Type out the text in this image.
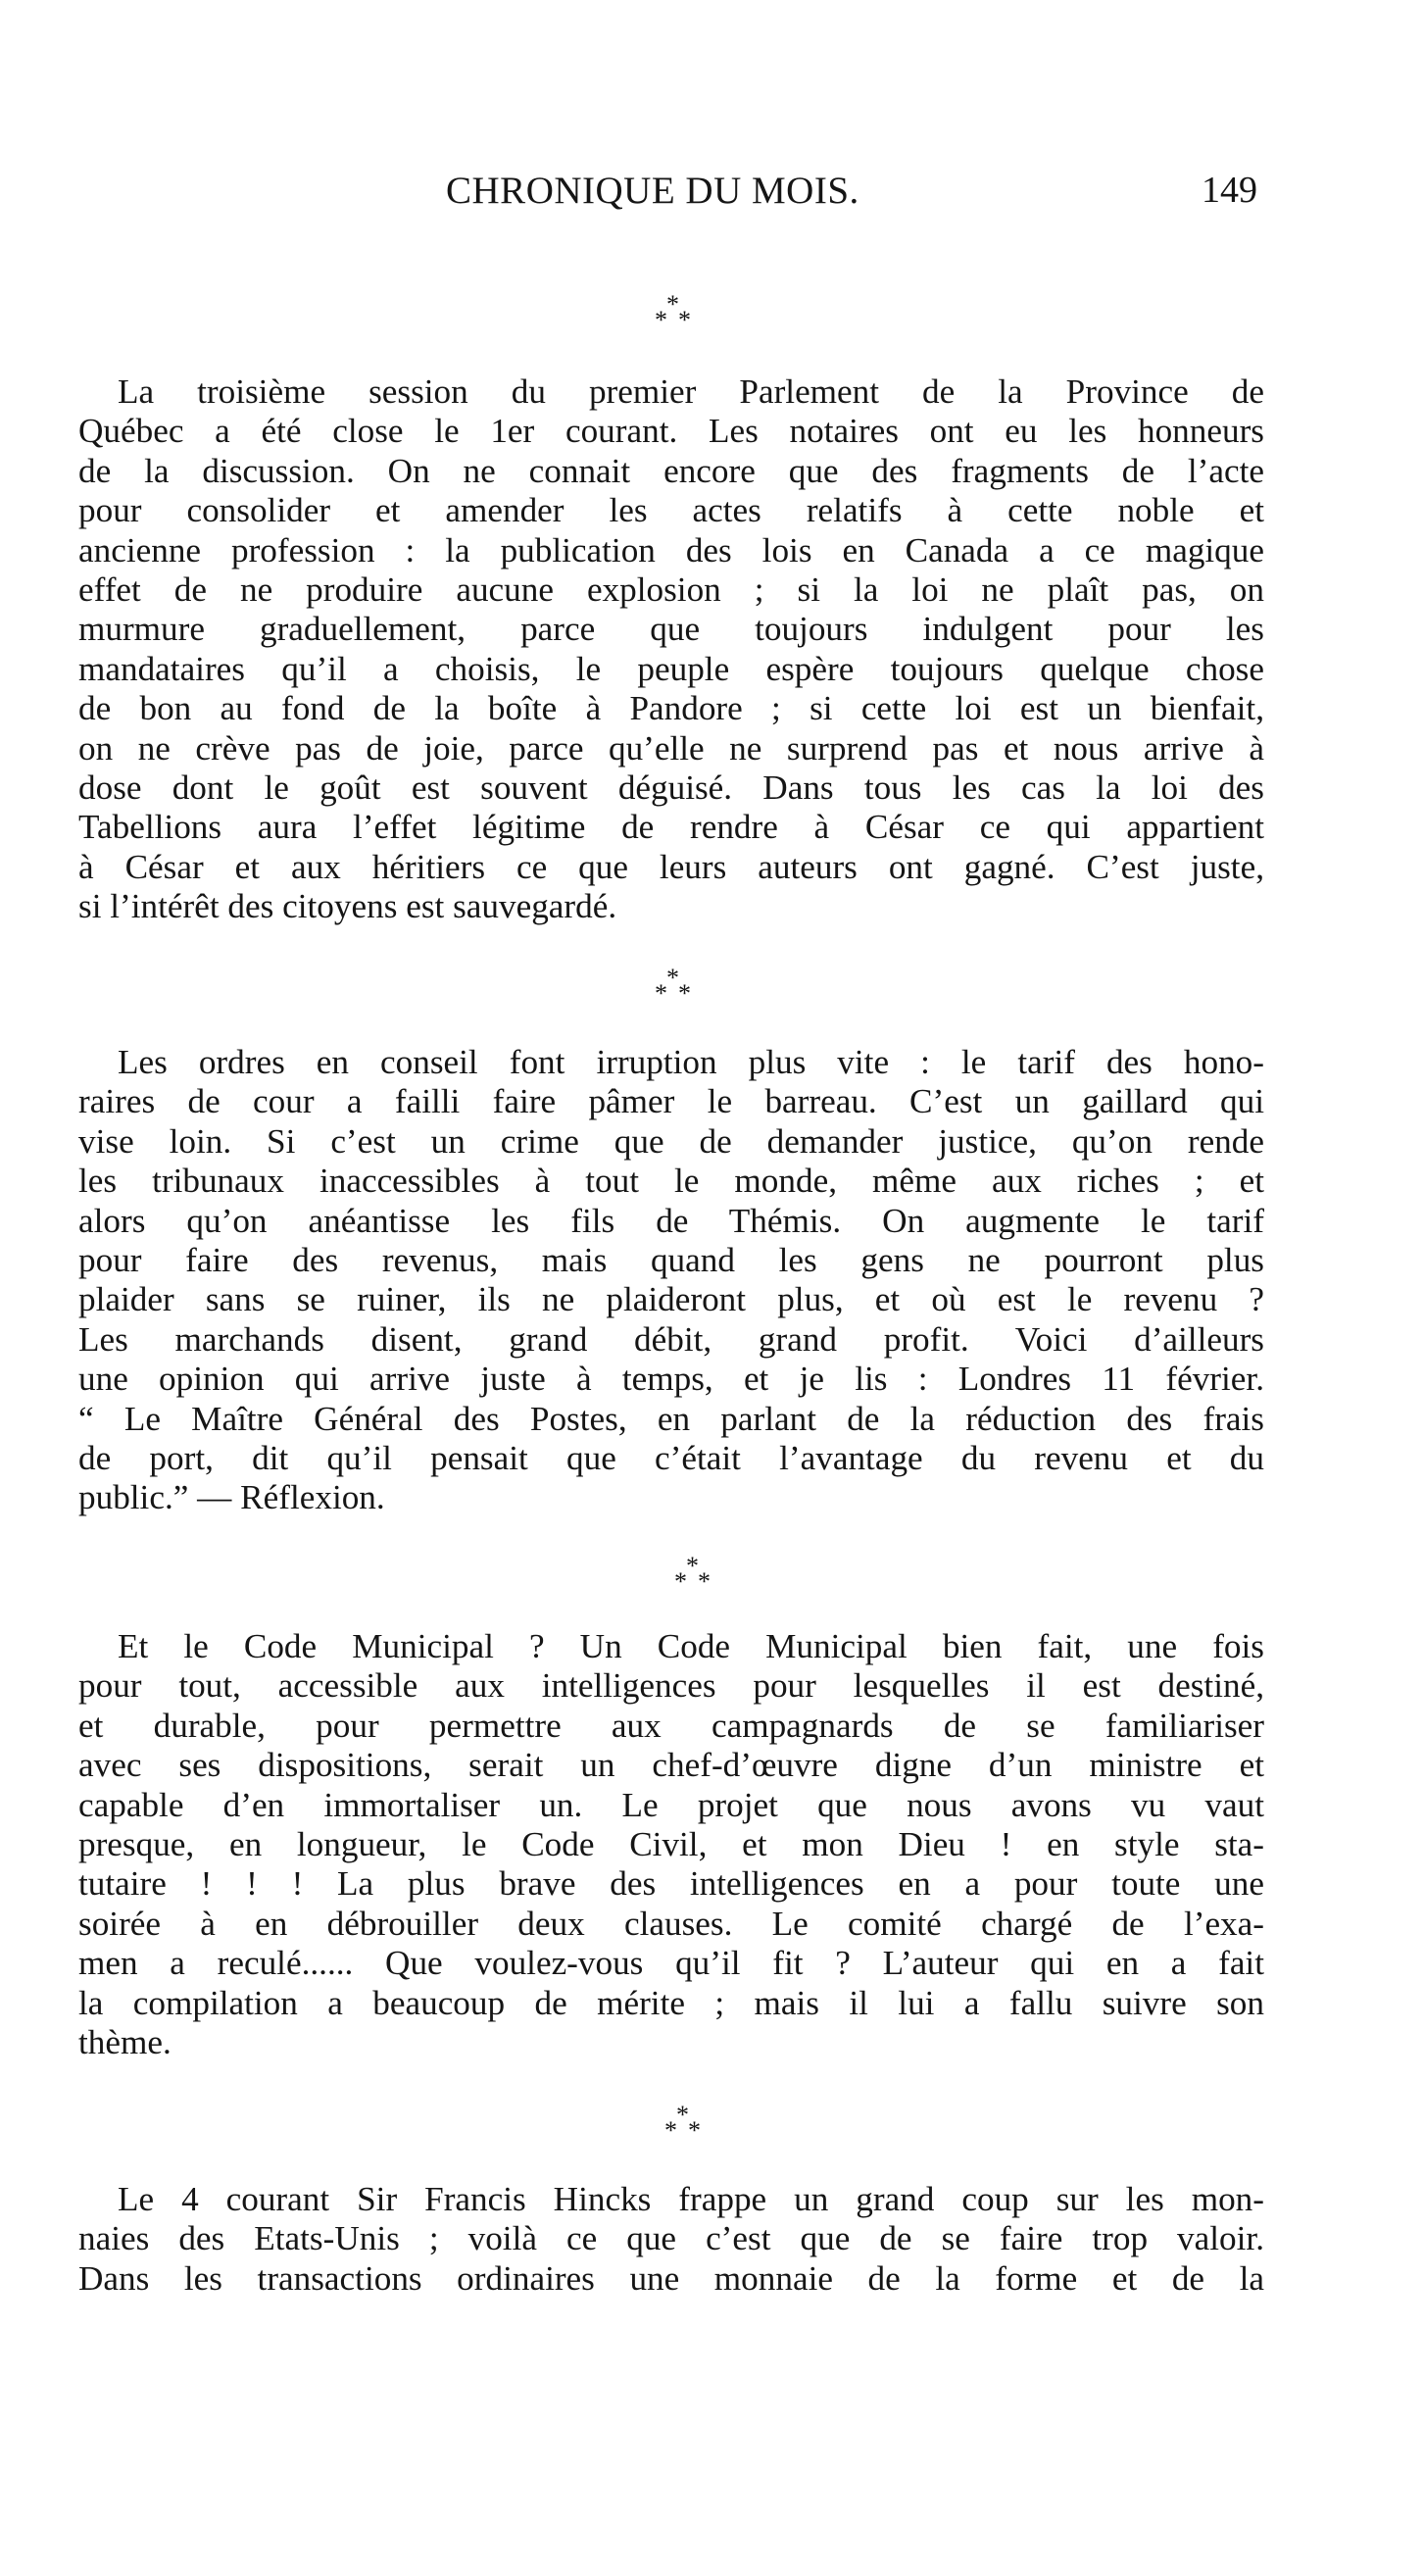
CHRONIQUE DU MOIS.	149
*
* *
La troisième session du premier Parlement de la Province de
Québec a été close le 1er courant. Les notaires ont eu les honneurs
de la discussion. On ne connait encore que des fragments de l’acte
pour consolider et amender les actes relatifs à cette noble et
ancienne profession : la publication des lois en Canada a ce magique
effet de ne produire aucune explosion ; si la loi ne plaît pas, on
murmure graduellement, parce que toujours indulgent pour les
mandataires qu’il a choisis, le peuple espère toujours quelque chose
de bon au fond de la boîte à Pandore ; si cette loi est un bienfait,
on ne crève pas de joie, parce qu’elle ne surprend pas et nous arrive à
dose dont le goût est souvent déguisé. Dans tous les cas la loi des
Tabellions aura l’effet légitime de rendre à César ce qui appartient
à César et aux héritiers ce que leurs auteurs ont gagné. C’est juste,
si l’intérêt des citoyens est sauvegardé.
*
* *
Les ordres en conseil font irruption plus vite : le tarif des hono-
raires de cour a failli faire pâmer le barreau. C’est un gaillard qui
vise loin. Si c’est un crime que de demander justice, qu’on rende
les tribunaux inaccessibles à tout le monde, même aux riches ; et
alors qu’on anéantisse les fils de Thémis. On augmente le tarif
pour faire des revenus, mais quand les gens ne pourront plus
plaider sans se ruiner, ils ne plaideront plus, et où est le revenu ?
Les marchands disent, grand débit, grand profit. Voici d’ailleurs
une opinion qui arrive juste à temps, et je lis : Londres 11 février.
“ Le Maître Général des Postes, en parlant de la réduction des frais
de port, dit qu’il pensait que c’était l’avantage du revenu et du
public.” — Réflexion.
*
* *
Et le Code Municipal ? Un Code Municipal bien fait, une fois
pour tout, accessible aux intelligences pour lesquelles il est destiné,
et durable, pour permettre aux campagnards de se familiariser
avec ses dispositions, serait un chef-d’œuvre digne d’un ministre et
capable d’en immortaliser un. Le projet que nous avons vu vaut
presque, en longueur, le Code Civil, et mon Dieu ! en style sta-
tutaire ! ! ! La plus brave des intelligences en a pour toute une
soirée à en débrouiller deux clauses. Le comité chargé de l’exa-
men a reculé...... Que voulez-vous qu’il fit ? L’auteur qui en a fait
la compilation a beaucoup de mérite ; mais il lui a fallu suivre son
thème.
*
* *
Le 4 courant Sir Francis Hincks frappe un grand coup sur les mon-
naies des Etats-Unis ; voilà ce que c’est que de se faire trop valoir.
Dans les transactions ordinaires une monnaie de la forme et de la
